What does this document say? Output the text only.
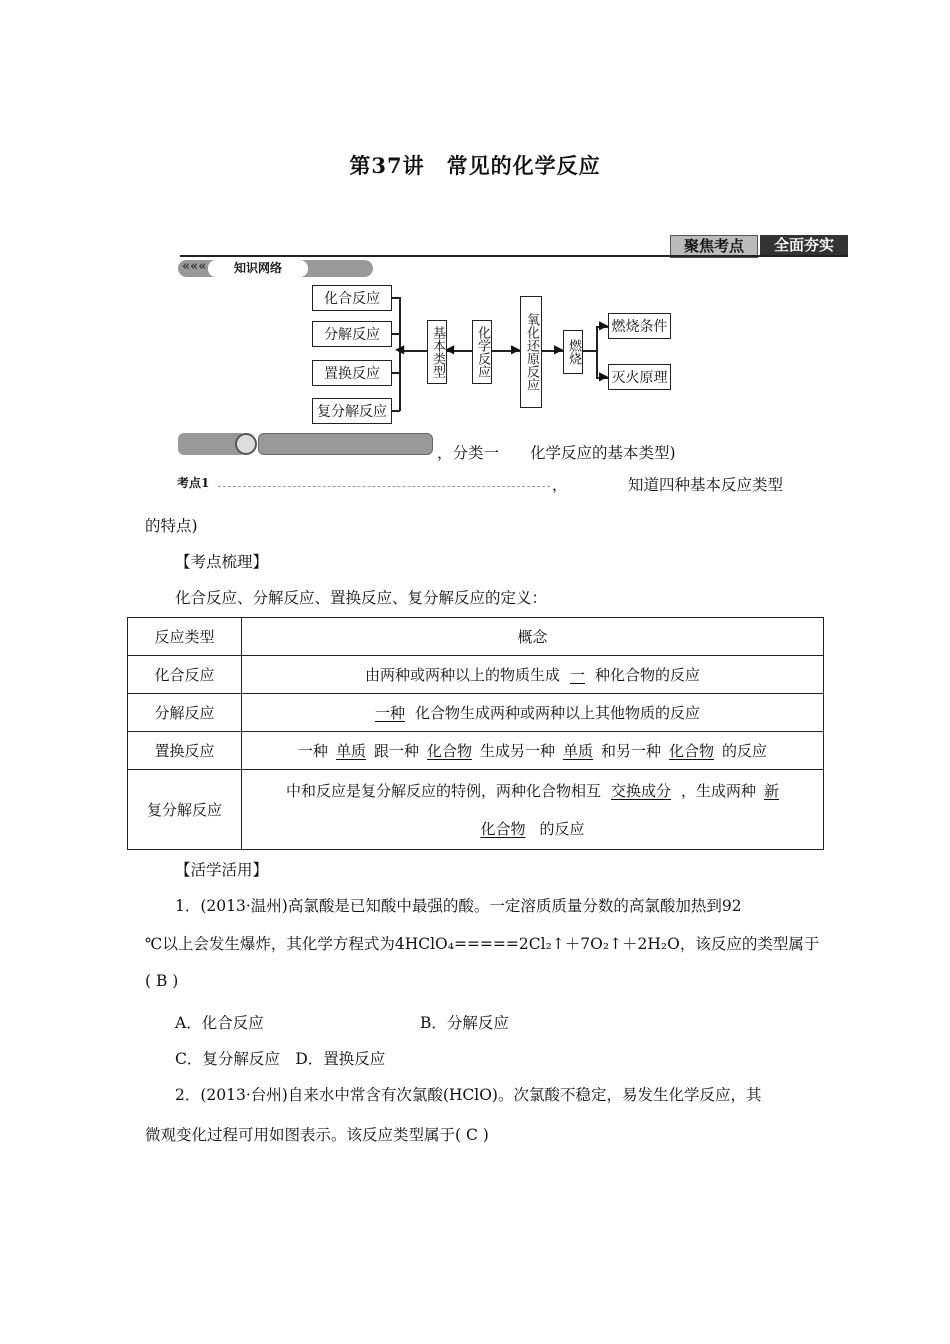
第37讲　常见的化学反应
聚焦考点	全面夯实
«««	知识网络
化合反应
分解反应
置换反应
复分解反应
◀ 基本类型 ◀ 化学反应 ▶ 氧化还原反应 ▶ 燃烧
▶
▶
燃烧条件
灭火原理
，分类一　　化学反应的基本类型)
考点1	，	知道四种基本反应类型
的特点)
【考点梳理】
化合反应、分解反应、置换反应、复分解反应的定义：
反应类型	概念
化合反应	由两种或两种以上的物质生成 一 种化合物的反应
分解反应	一种 化合物生成两种或两种以上其他物质的反应
置换反应	一种 单质 跟一种 化合物 生成另一种 单质 和另一种 化合物 的反应
复分解反应	中和反应是复分解反应的特例，两种化合物相互 交换成分 ，生成两种 新
化合物 的反应
【活学活用】
1．(2013·温州)高氯酸是已知酸中最强的酸。一定溶质质量分数的高氯酸加热到92
℃以上会发生爆炸，其化学方程式为4HClO₄=====2Cl₂↑＋7O₂↑＋2H₂O，该反应的类型属于
( B )
A．化合反应	B．分解反应
C．复分解反应　D．置换反应
2．(2013·台州)自来水中常含有次氯酸(HClO)。次氯酸不稳定，易发生化学反应，其
微观变化过程可用如图表示。该反应类型属于( C )
